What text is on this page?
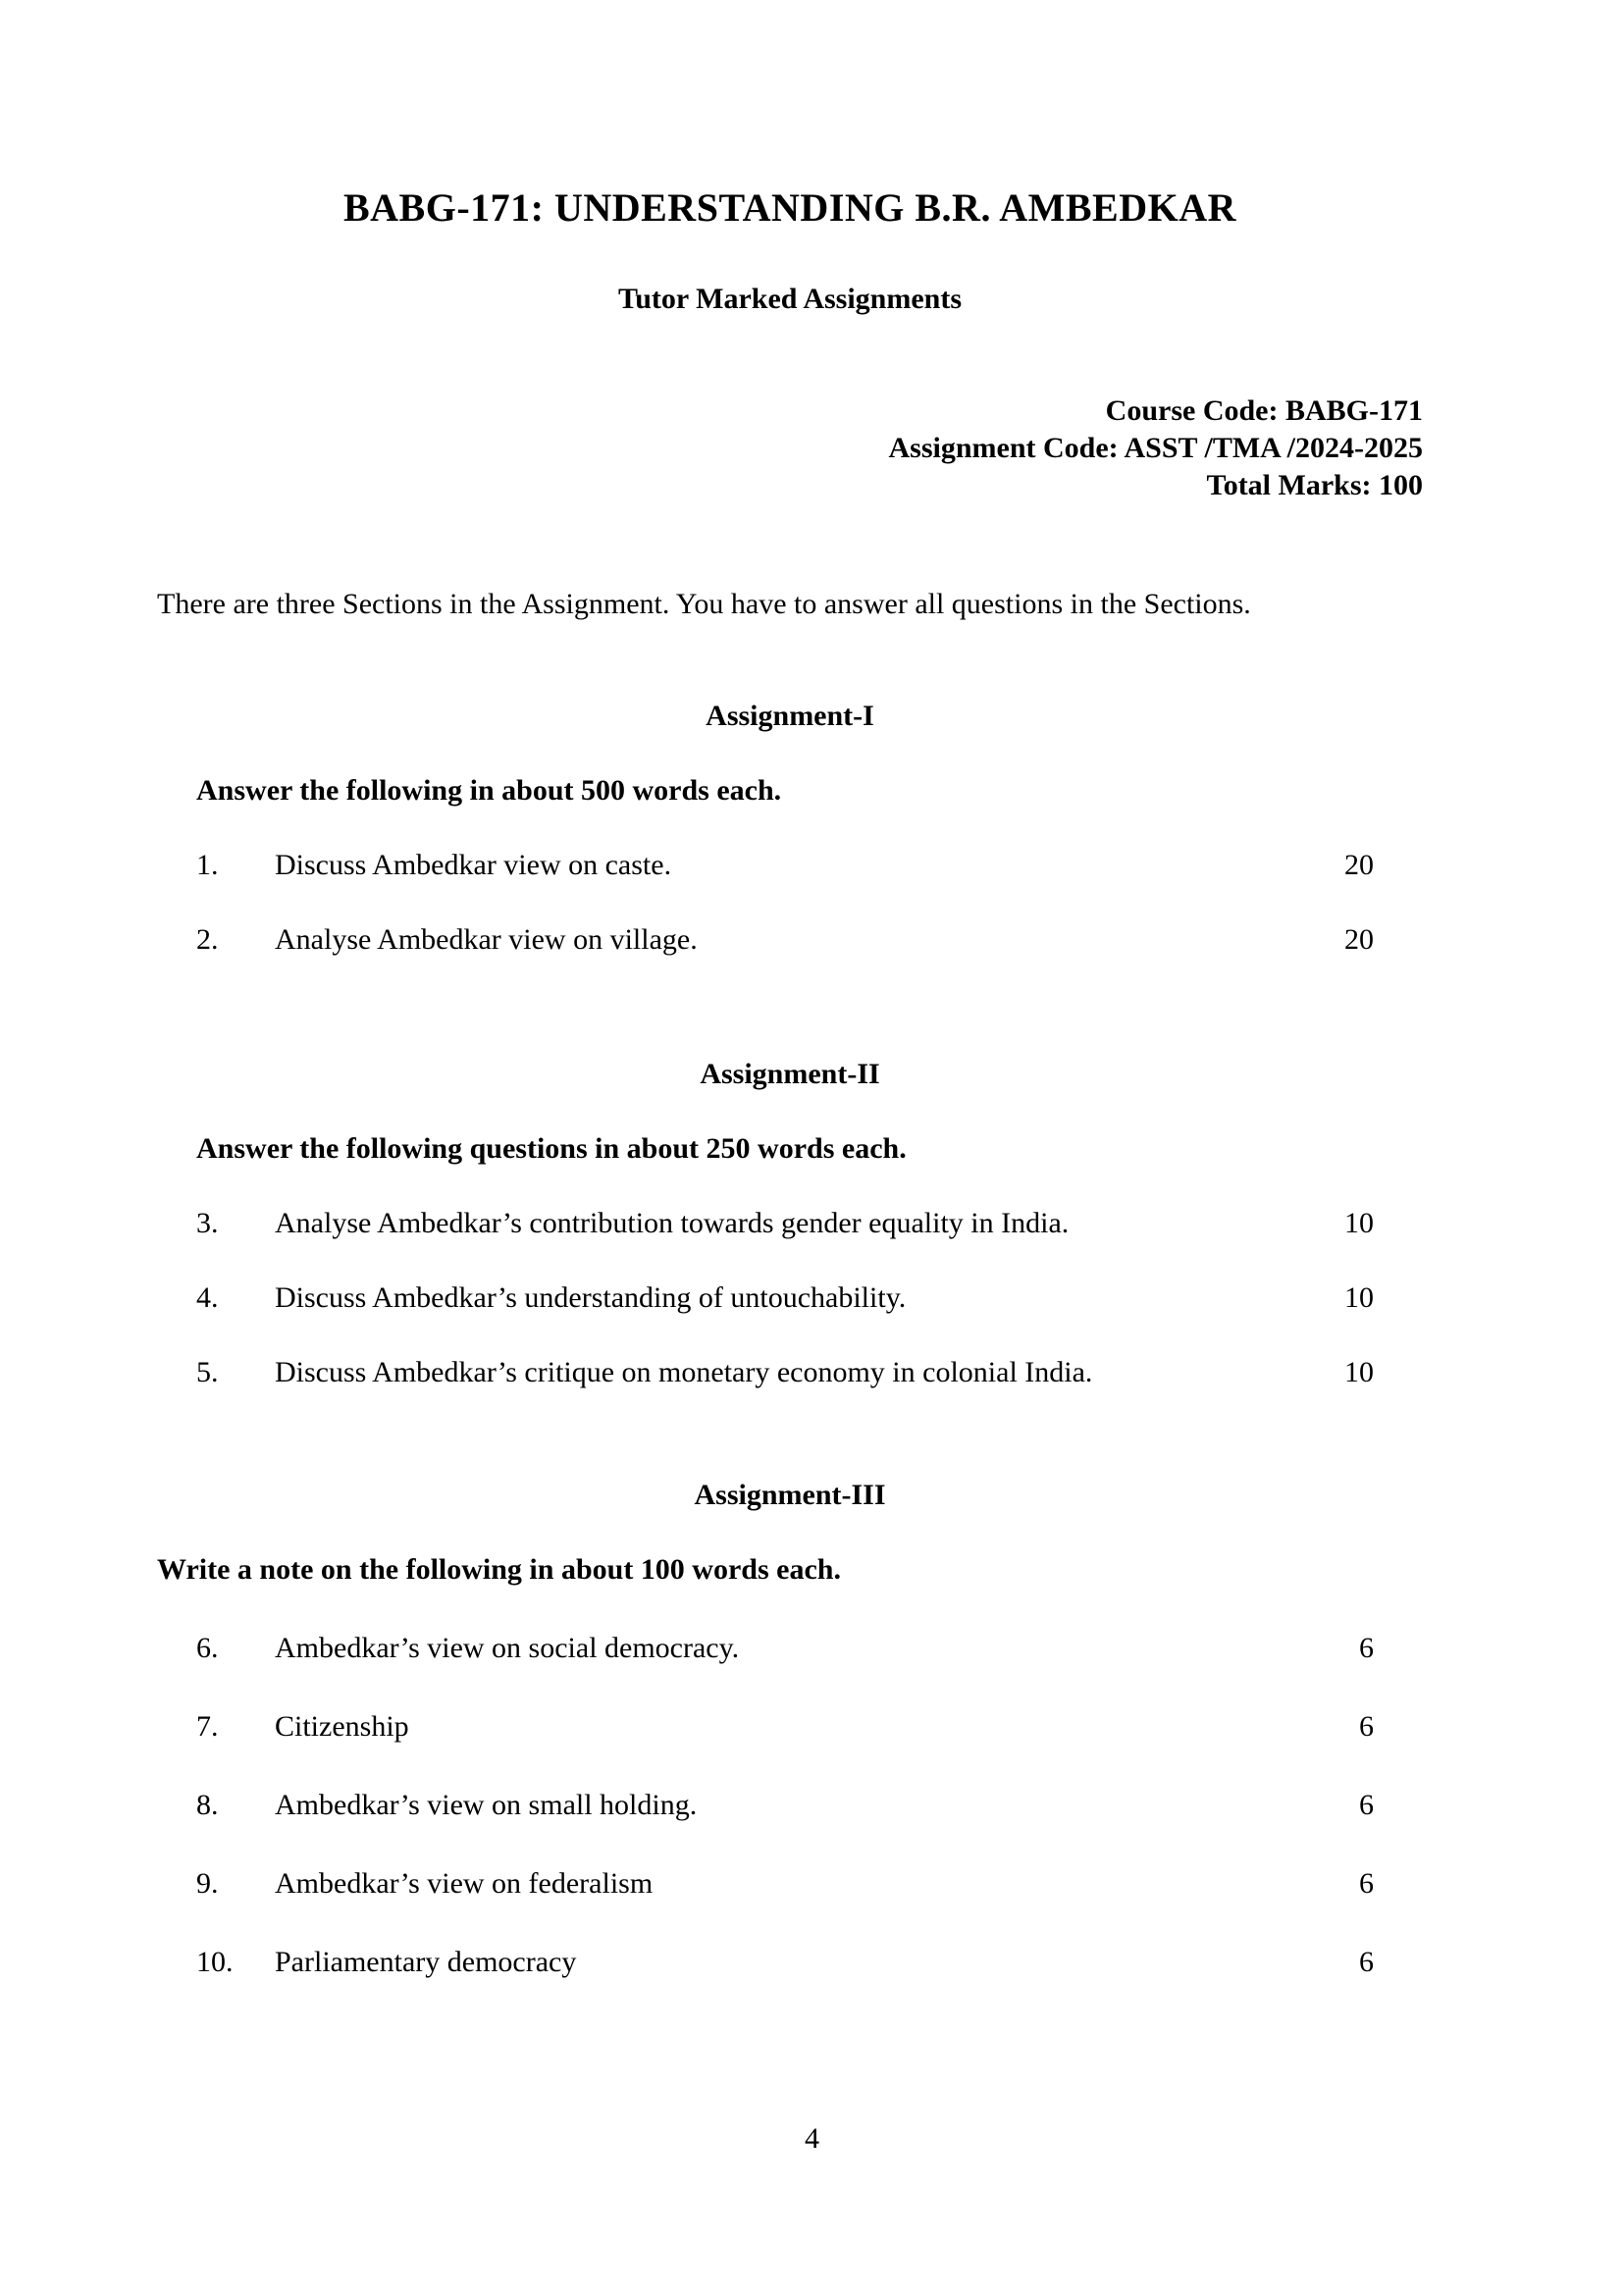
BABG-171: UNDERSTANDING B.R. AMBEDKAR
Tutor Marked Assignments
Course Code: BABG-171
Assignment Code: ASST /TMA /2024-2025
Total Marks: 100
There are three Sections in the Assignment. You have to answer all questions in the Sections.
Assignment-I
Answer the following in about 500 words each.
1.	Discuss Ambedkar view on caste.	20
2.	Analyse Ambedkar view on village.	20
Assignment-II
Answer the following questions in about 250 words each.
3.	Analyse Ambedkar’s contribution towards gender equality in India.	10
4.	Discuss Ambedkar’s understanding of untouchability.	10
5.	Discuss Ambedkar’s critique on monetary economy in colonial India.	10
Assignment-III
Write a note on the following in about 100 words each.
6.	Ambedkar’s view on social democracy.	6
7.	Citizenship	6
8.	Ambedkar’s view on small holding.	6
9.	Ambedkar’s view on federalism	6
10.	Parliamentary democracy	6
4
